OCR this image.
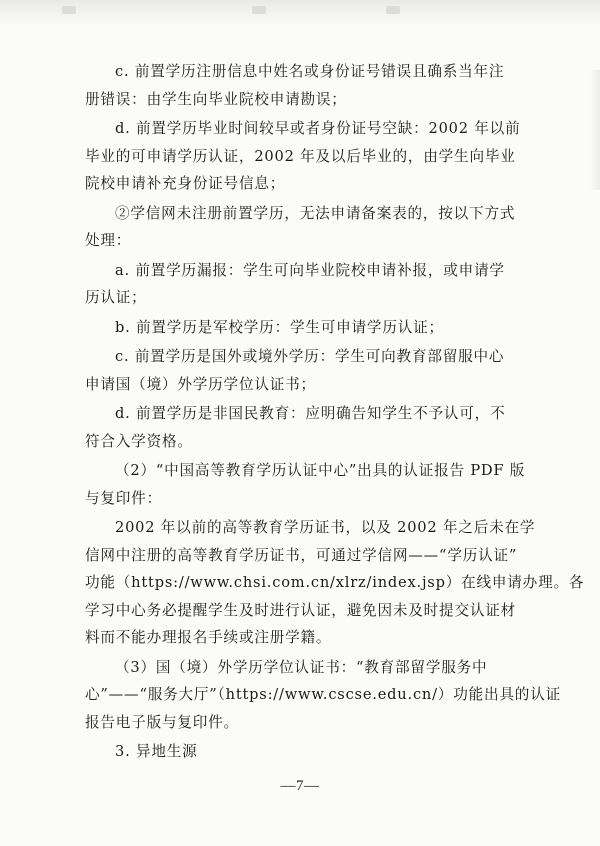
c. 前置学历注册信息中姓名或身份证号错误且确系当年注
册错误：由学生向毕业院校申请勘误；
d. 前置学历毕业时间较早或者身份证号空缺：2002 年以前
毕业的可申请学历认证，2002 年及以后毕业的，由学生向毕业
院校申请补充身份证号信息；
②学信网未注册前置学历，无法申请备案表的，按以下方式
处理：
a. 前置学历漏报：学生可向毕业院校申请补报，或申请学
历认证；
b. 前置学历是军校学历：学生可申请学历认证；
c. 前置学历是国外或境外学历：学生可向教育部留服中心
申请国（境）外学历学位认证书；
d. 前置学历是非国民教育：应明确告知学生不予认可，不
符合入学资格。
（2）“中国高等教育学历认证中心”出具的认证报告 PDF 版
与复印件：
2002 年以前的高等教育学历证书，以及 2002 年之后未在学
信网中注册的高等教育学历证书，可通过学信网——“学历认证”
功能（https://www.chsi.com.cn/xlrz/index.jsp）在线申请办理。各
学习中心务必提醒学生及时进行认证，避免因未及时提交认证材
料而不能办理报名手续或注册学籍。
（3）国（境）外学历学位认证书：“教育部留学服务中
心”——“服务大厅”（https://www.cscse.edu.cn/）功能出具的认证
报告电子版与复印件。
3. 异地生源
—7—
